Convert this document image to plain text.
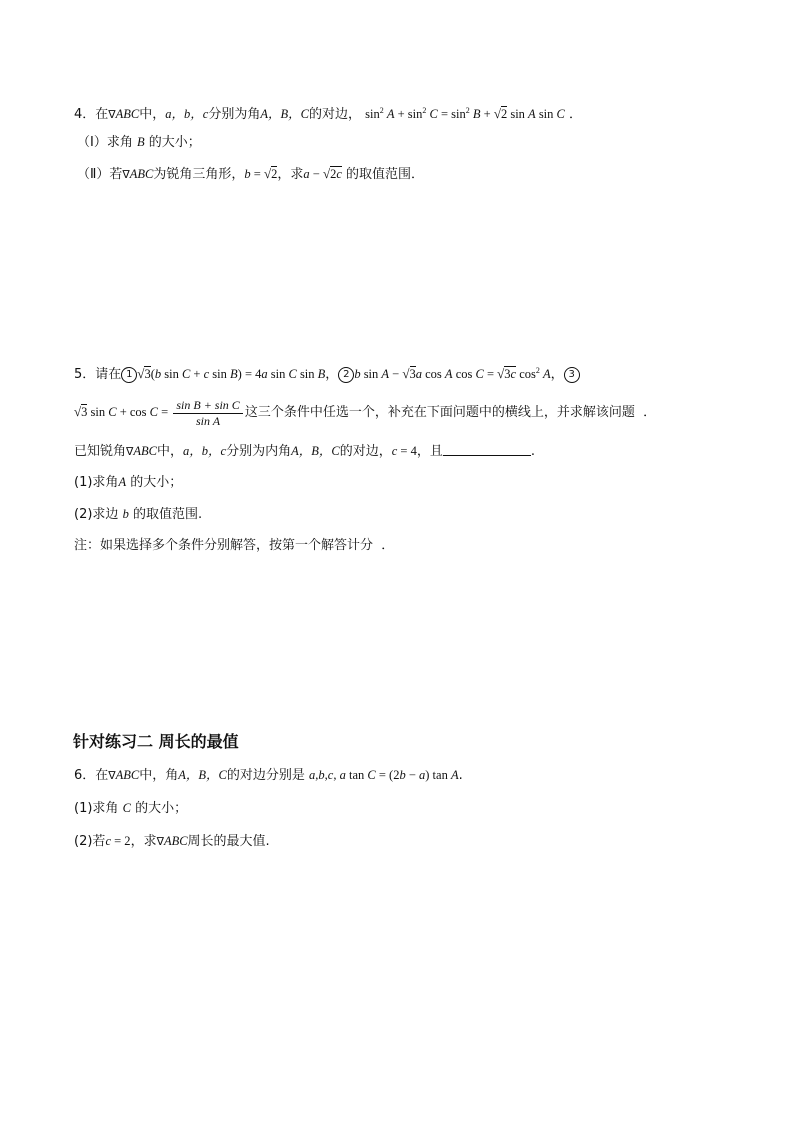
4．在∇ABC中，a，b，c分别为角A，B，C的对边， $\sin^2 A + \sin^2 C = \sin^2 B + √2$ sin A sin C ．
（Ⅰ）求角 B 的大小；
（Ⅱ）若∇ABC为锐角三角形，b = √2，求a − √2c 的取值范围．
5．请在 1 √3(b sin C + c sin B) = 4a sin C sin B， 2 b sin A − √3a cos A cos C = √3c $\cos^2 A$， 3
√3 $\sin C + \cos C = \frac{\text{sin B + sin C}}{\text{sin A}}$ 这三个条件中任选一个，补充在下面问题中的横线上，并求解该问题 ．
已知锐角∇ABC中，a，b，c分别为内角A，B，C的对边，c = 4，且	.
(1)求角A 的大小；
(2)求边 b 的取值范围.
注：如果选择多个条件分别解答，按第一个解答计分 ．
针对练习二 周长的最值
6．在∇ABC中，角A，B，C的对边分别是 a,b,c, a tan C = (2b − a) tan A.
(1)求角 C 的大小；
(2)若c = 2，求∇ABC周长的最大值.
